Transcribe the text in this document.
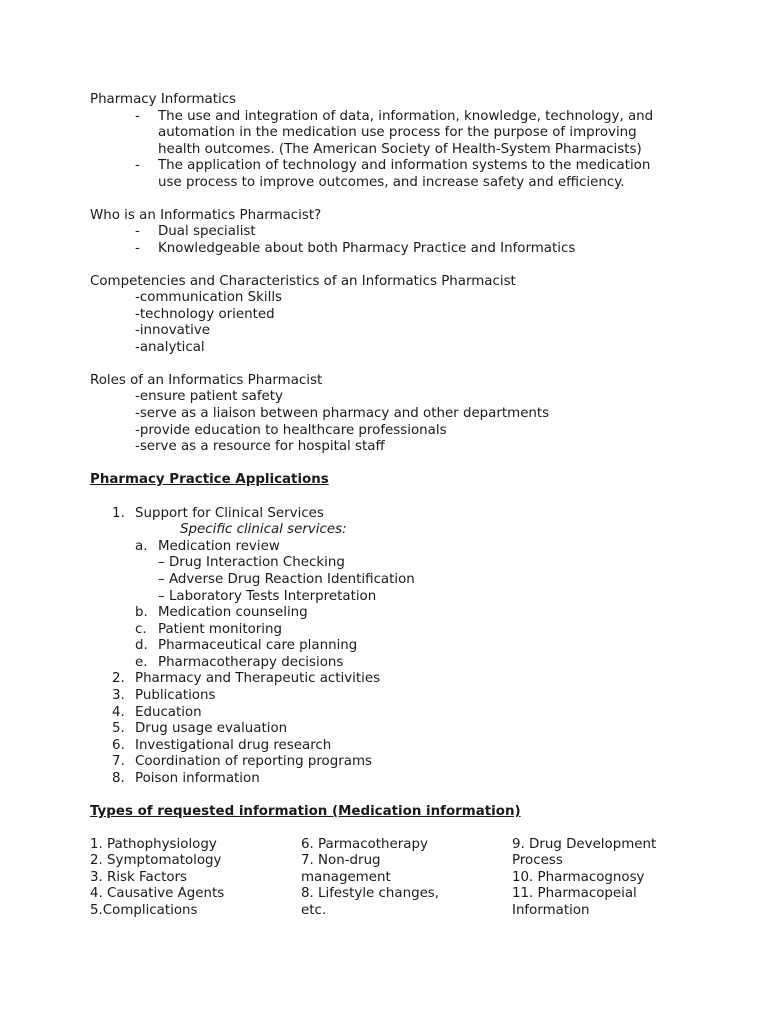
Pharmacy Informatics
- The use and integration of data, information, knowledge, technology, and
automation in the medication use process for the purpose of improving
health outcomes. (The American Society of Health-System Pharmacists)
- The application of technology and information systems to the medication
use process to improve outcomes, and increase safety and efficiency.
Who is an Informatics Pharmacist?
- Dual specialist
- Knowledgeable about both Pharmacy Practice and Informatics
Competencies and Characteristics of an Informatics Pharmacist
-communication Skills
-technology oriented
-innovative
-analytical
Roles of an Informatics Pharmacist
-ensure patient safety
-serve as a liaison between pharmacy and other departments
-provide education to healthcare professionals
-serve as a resource for hospital staff
Pharmacy Practice Applications
1. Support for Clinical Services
Specific clinical services:
a. Medication review
– Drug Interaction Checking
– Adverse Drug Reaction Identification
– Laboratory Tests Interpretation
b. Medication counseling
c. Patient monitoring
d. Pharmaceutical care planning
e. Pharmacotherapy decisions
2. Pharmacy and Therapeutic activities
3. Publications
4. Education
5. Drug usage evaluation
6. Investigational drug research
7. Coordination of reporting programs
8. Poison information
Types of requested information (Medication information)
1. Pathophysiology
2. Symptomatology
3. Risk Factors
4. Causative Agents
5.Complications
6. Parmacotherapy
7. Non-drug
management
8. Lifestyle changes,
etc.
9. Drug Development
Process
10. Pharmacognosy
11. Pharmacopeial
Information
